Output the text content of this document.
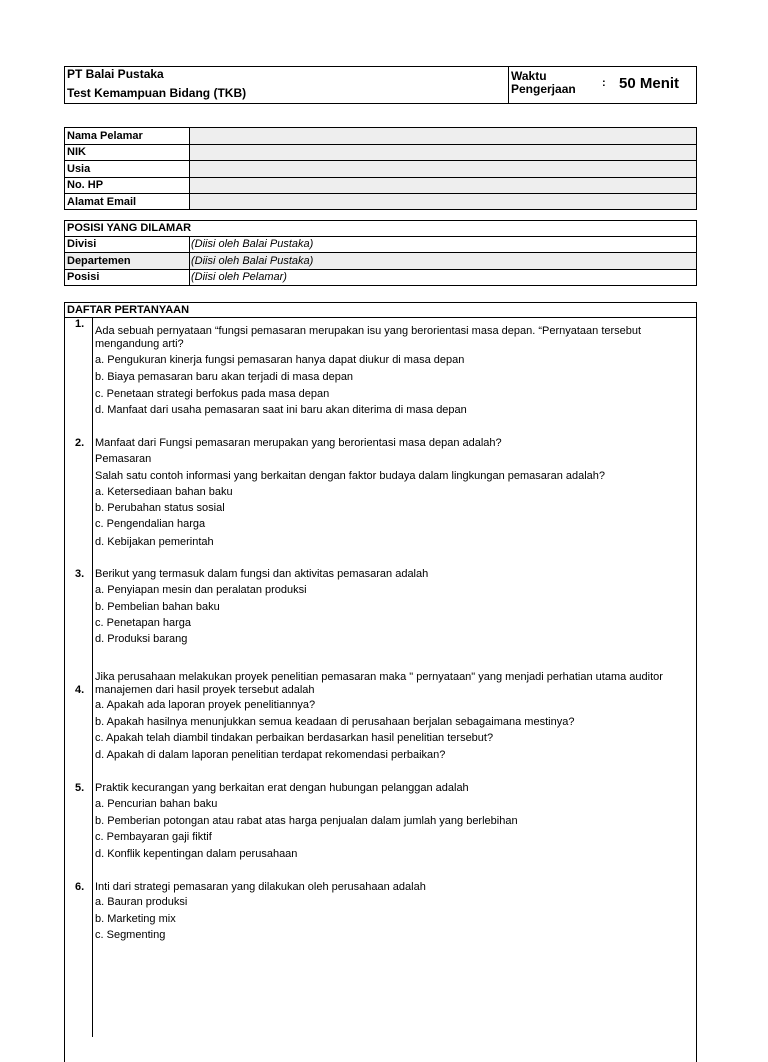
PT Balai Pustaka
Test Kemampuan Bidang (TKB)
Waktu
Pengerjaan : 50 Menit
Nama Pelamar
NIK
Usia
No. HP
Alamat Email
POSISI YANG DILAMAR
Divisi	(Diisi oleh Balai Pustaka)
Departemen	(Diisi oleh Balai Pustaka)
Posisi	(Diisi oleh Pelamar)
DAFTAR PERTANYAAN
1.
Ada sebuah pernyataan “fungsi pemasaran merupakan isu yang berorientasi masa depan. “Pernyataan tersebut mengandung arti?
a. Pengukuran kinerja fungsi pemasaran hanya dapat diukur di masa depan
b. Biaya pemasaran baru akan terjadi di masa depan
c. Penetaan strategi berfokus pada masa depan
d. Manfaat dari usaha pemasaran saat ini baru akan diterima di masa depan
2. Manfaat dari Fungsi pemasaran merupakan yang berorientasi masa depan adalah?
Pemasaran
Salah satu contoh informasi yang berkaitan dengan faktor budaya dalam lingkungan pemasaran adalah?
a. Ketersediaan bahan baku
b. Perubahan status sosial
c. Pengendalian harga
d. Kebijakan pemerintah
3. Berikut yang termasuk dalam fungsi dan aktivitas pemasaran adalah
a. Penyiapan mesin dan peralatan produksi
b. Pembelian bahan baku
c. Penetapan harga
d. Produksi barang
4.
Jika perusahaan melakukan proyek penelitian pemasaran maka " pernyataan" yang menjadi perhatian utama auditor manajemen dari hasil proyek tersebut adalah
a. Apakah ada laporan proyek penelitiannya?
b. Apakah hasilnya menunjukkan semua keadaan di perusahaan berjalan sebagaimana mestinya?
c. Apakah telah diambil tindakan perbaikan berdasarkan hasil penelitian tersebut?
d. Apakah di dalam laporan penelitian terdapat rekomendasi perbaikan?
5. Praktik kecurangan yang berkaitan erat dengan hubungan pelanggan adalah
a. Pencurian bahan baku
b. Pemberian potongan atau rabat atas harga penjualan dalam jumlah yang berlebihan
c. Pembayaran gaji fiktif
d. Konflik kepentingan dalam perusahaan
6. Inti dari strategi pemasaran yang dilakukan oleh perusahaan adalah
a. Bauran produksi
b. Marketing mix
c. Segmenting
